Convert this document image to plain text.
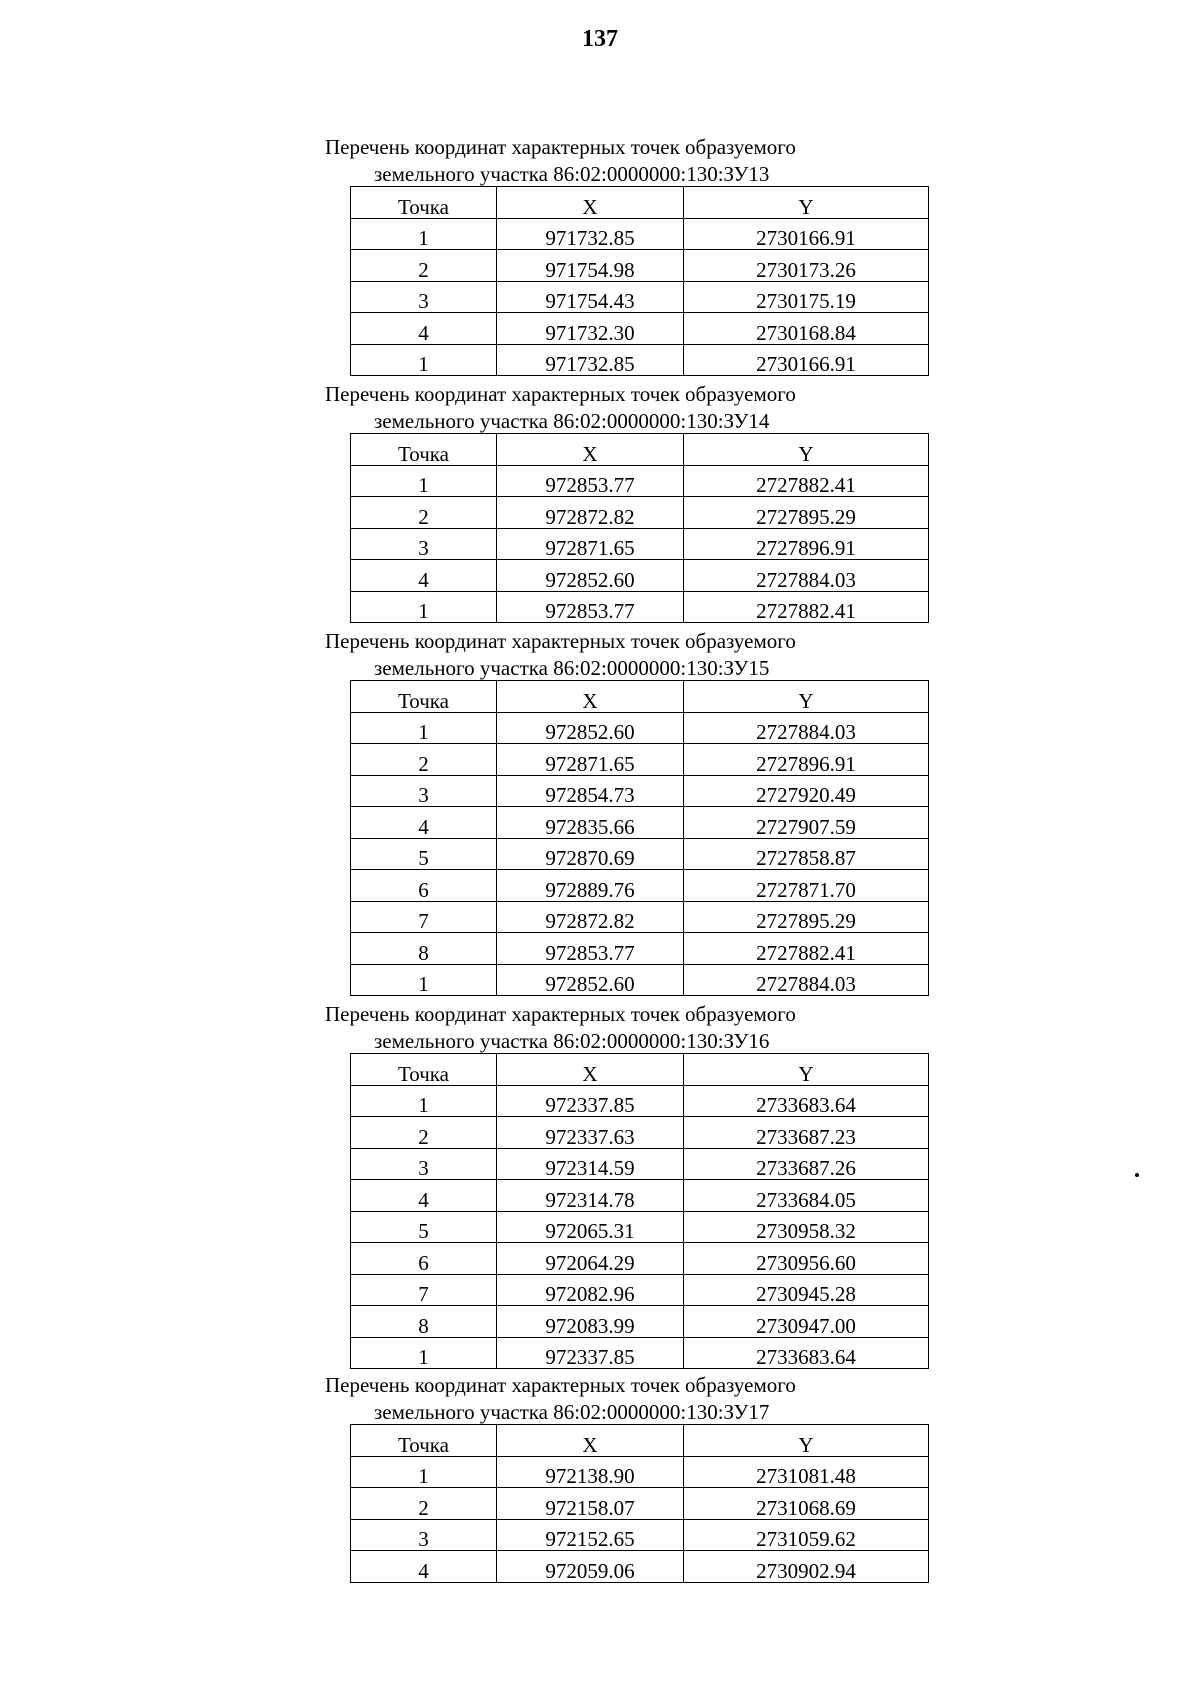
137
Перечень координат характерных точек образуемого
земельного участка 86:02:0000000:130:ЗУ13
Точка	X	Y
1	971732.85	2730166.91
2	971754.98	2730173.26
3	971754.43	2730175.19
4	971732.30	2730168.84
1	971732.85	2730166.91
Перечень координат характерных точек образуемого
земельного участка 86:02:0000000:130:ЗУ14
Точка	X	Y
1	972853.77	2727882.41
2	972872.82	2727895.29
3	972871.65	2727896.91
4	972852.60	2727884.03
1	972853.77	2727882.41
Перечень координат характерных точек образуемого
земельного участка 86:02:0000000:130:ЗУ15
Точка	X	Y
1	972852.60	2727884.03
2	972871.65	2727896.91
3	972854.73	2727920.49
4	972835.66	2727907.59
5	972870.69	2727858.87
6	972889.76	2727871.70
7	972872.82	2727895.29
8	972853.77	2727882.41
1	972852.60	2727884.03
Перечень координат характерных точек образуемого
земельного участка 86:02:0000000:130:ЗУ16
Точка	X	Y
1	972337.85	2733683.64
2	972337.63	2733687.23
3	972314.59	2733687.26
4	972314.78	2733684.05
5	972065.31	2730958.32
6	972064.29	2730956.60
7	972082.96	2730945.28
8	972083.99	2730947.00
1	972337.85	2733683.64
Перечень координат характерных точек образуемого
земельного участка 86:02:0000000:130:ЗУ17
Точка	X	Y
1	972138.90	2731081.48
2	972158.07	2731068.69
3	972152.65	2731059.62
4	972059.06	2730902.94
